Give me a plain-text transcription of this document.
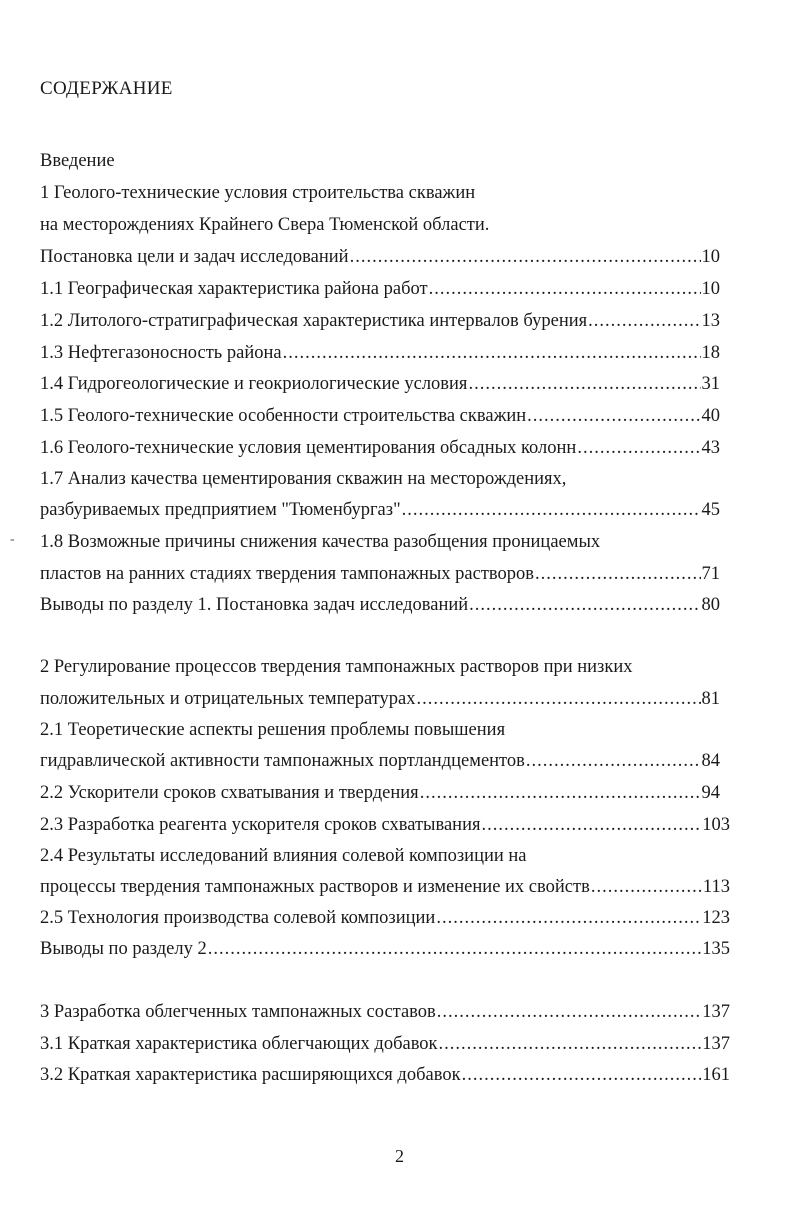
СОДЕРЖАНИЕ
Введение
1 Геолого-технические условия строительства скважин
на месторождениях Крайнего Свера Тюменской области.
Постановка цели и задач исследований .....	10
1.1 Географическая характеристика района работ .....	10
1.2 Литолого-стратиграфическая характеристика интервалов бурения .....	13
1.3 Нефтегазоносность района .....	18
1.4 Гидрогеологические и геокриологические условия .....	31
1.5 Геолого-технические особенности строительства скважин .....	40
1.6 Геолого-технические условия цементирования обсадных колонн .....	43
1.7 Анализ качества цементирования скважин на месторождениях,
разбуриваемых предприятием "Тюменбургаз" .....	45
- 1.8 Возможные причины снижения качества разобщения проницаемых
пластов на ранних стадиях твердения тампонажных растворов .....	71
Выводы по разделу 1. Постановка задач исследований .....	80
2 Регулирование процессов твердения тампонажных растворов при низких
положительных и отрицательных температурах .....	81
2.1 Теоретические аспекты решения проблемы повышения
гидравлической активности тампонажных портландцементов .....	84
2.2 Ускорители сроков схватывания и твердения .....	94
2.3 Разработка реагента ускорителя сроков схватывания .....	103
2.4 Результаты исследований влияния солевой композиции на
процессы твердения тампонажных растворов и изменение их свойств .....	113
2.5 Технология производства солевой композиции .....	123
Выводы по разделу 2 .....	135
3 Разработка облегченных тампонажных составов .....	137
3.1 Краткая характеристика облегчающих добавок .....	137
3.2 Краткая характеристика расширяющихся добавок .....	161
2
